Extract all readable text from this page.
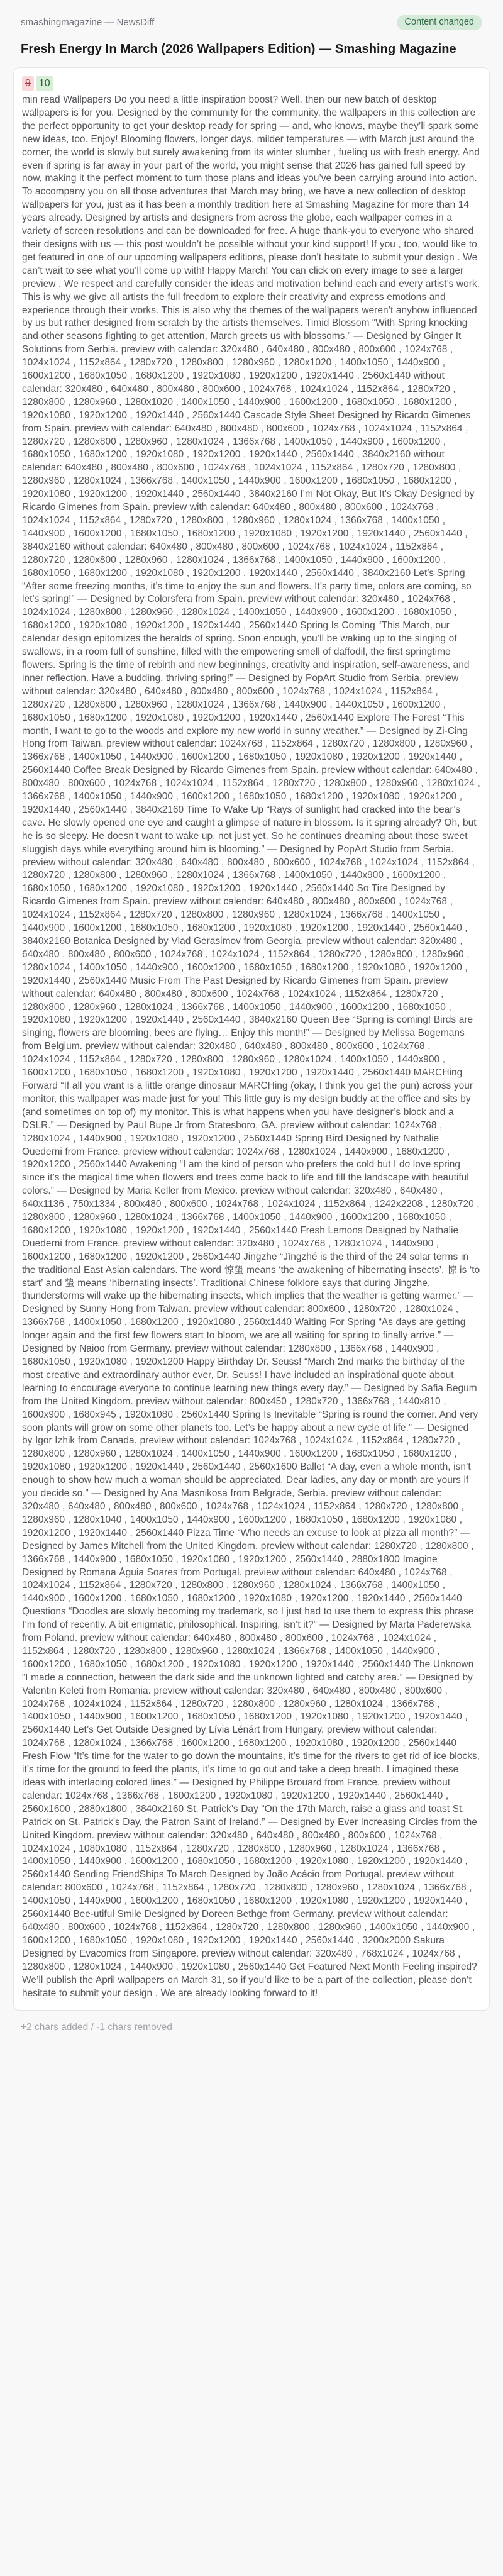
smashingmagazine — NewsDiff	Content changed
Fresh Energy In March (2026 Wallpapers Edition) — Smashing Magazine
9 10

min read Wallpapers Do you need a little inspiration boost? Well, then our new batch of desktop wallpapers is for you. Designed by the community for the community, the wallpapers in this collection are the perfect opportunity to get your desktop ready for spring — and, who knows, maybe they’ll spark some new ideas, too. Enjoy! Blooming flowers, longer days, milder temperatures — with March just around the corner, the world is slowly but surely awakening from its winter slumber , fueling us with fresh energy. And even if spring is far away in your part of the world, you might sense that 2026 has gained full speed by now, making it the perfect moment to turn those plans and ideas you’ve been carrying around into action. To accompany you on all those adventures that March may bring, we have a new collection of desktop wallpapers for you, just as it has been a monthly tradition here at Smashing Magazine for more than 14 years already. Designed by artists and designers from across the globe, each wallpaper comes in a variety of screen resolutions and can be downloaded for free. A huge thank-you to everyone who shared their designs with us — this post wouldn’t be possible without your kind support! If you , too, would like to get featured in one of our upcoming wallpapers editions, please don’t hesitate to submit your design . We can’t wait to see what you’ll come up with! Happy March! You can click on every image to see a larger preview . We respect and carefully consider the ideas and motivation behind each and every artist’s work. This is why we give all artists the full freedom to explore their creativity and express emotions and experience through their works. This is also why the themes of the wallpapers weren’t anyhow influenced by us but rather designed from scratch by the artists themselves. Timid Blossom “With Spring knocking and other seasons fighting to get attention, March greets us with blossoms.” — Designed by Ginger It Solutions from Serbia. preview with calendar: 320x480 , 640x480 , 800x480 , 800x600 , 1024x768 , 1024x1024 , 1152x864 , 1280x720 , 1280x800 , 1280x960 , 1280x1020 , 1400x1050 , 1440x900 , 1600x1200 , 1680x1050 , 1680x1200 , 1920x1080 , 1920x1200 , 1920x1440 , 2560x1440 without calendar: 320x480 , 640x480 , 800x480 , 800x600 , 1024x768 , 1024x1024 , 1152x864 , 1280x720 , 1280x800 , 1280x960 , 1280x1020 , 1400x1050 , 1440x900 , 1600x1200 , 1680x1050 , 1680x1200 , 1920x1080 , 1920x1200 , 1920x1440 , 2560x1440 Cascade Style Sheet Designed by Ricardo Gimenes from Spain. preview with calendar: 640x480 , 800x480 , 800x600 , 1024x768 , 1024x1024 , 1152x864 , 1280x720 , 1280x800 , 1280x960 , 1280x1024 , 1366x768 , 1400x1050 , 1440x900 , 1600x1200 , 1680x1050 , 1680x1200 , 1920x1080 , 1920x1200 , 1920x1440 , 2560x1440 , 3840x2160 without calendar: 640x480 , 800x480 , 800x600 , 1024x768 , 1024x1024 , 1152x864 , 1280x720 , 1280x800 , 1280x960 , 1280x1024 , 1366x768 , 1400x1050 , 1440x900 , 1600x1200 , 1680x1050 , 1680x1200 , 1920x1080 , 1920x1200 , 1920x1440 , 2560x1440 , 3840x2160 I’m Not Okay, But It’s Okay Designed by Ricardo Gimenes from Spain. preview with calendar: 640x480 , 800x480 , 800x600 , 1024x768 , 1024x1024 , 1152x864 , 1280x720 , 1280x800 , 1280x960 , 1280x1024 , 1366x768 , 1400x1050 , 1440x900 , 1600x1200 , 1680x1050 , 1680x1200 , 1920x1080 , 1920x1200 , 1920x1440 , 2560x1440 , 3840x2160 without calendar: 640x480 , 800x480 , 800x600 , 1024x768 , 1024x1024 , 1152x864 , 1280x720 , 1280x800 , 1280x960 , 1280x1024 , 1366x768 , 1400x1050 , 1440x900 , 1600x1200 , 1680x1050 , 1680x1200 , 1920x1080 , 1920x1200 , 1920x1440 , 2560x1440 , 3840x2160 Let’s Spring “After some freezing months, it’s time to enjoy the sun and flowers. It’s party time, colors are coming, so let’s spring!” — Designed by Colorsfera from Spain. preview without calendar: 320x480 , 1024x768 , 1024x1024 , 1280x800 , 1280x960 , 1280x1024 , 1400x1050 , 1440x900 , 1600x1200 , 1680x1050 , 1680x1200 , 1920x1080 , 1920x1200 , 1920x1440 , 2560x1440 Spring Is Coming “This March, our calendar design epitomizes the heralds of spring. Soon enough, you’ll be waking up to the singing of swallows, in a room full of sunshine, filled with the empowering smell of daffodil, the first springtime flowers. Spring is the time of rebirth and new beginnings, creativity and inspiration, self-awareness, and inner reflection. Have a budding, thriving spring!” — Designed by PopArt Studio from Serbia. preview without calendar: 320x480 , 640x480 , 800x480 , 800x600 , 1024x768 , 1024x1024 , 1152x864 , 1280x720 , 1280x800 , 1280x960 , 1280x1024 , 1366x768 , 1440x900 , 1440x1050 , 1600x1200 , 1680x1050 , 1680x1200 , 1920x1080 , 1920x1200 , 1920x1440 , 2560x1440 Explore The Forest “This month, I want to go to the woods and explore my new world in sunny weather.” — Designed by Zi-Cing Hong from Taiwan. preview without calendar: 1024x768 , 1152x864 , 1280x720 , 1280x800 , 1280x960 , 1366x768 , 1400x1050 , 1440x900 , 1600x1200 , 1680x1050 , 1920x1080 , 1920x1200 , 1920x1440 , 2560x1440 Coffee Break Designed by Ricardo Gimenes from Spain. preview without calendar: 640x480 , 800x480 , 800x600 , 1024x768 , 1024x1024 , 1152x864 , 1280x720 , 1280x800 , 1280x960 , 1280x1024 , 1366x768 , 1400x1050 , 1440x900 , 1600x1200 , 1680x1050 , 1680x1200 , 1920x1080 , 1920x1200 , 1920x1440 , 2560x1440 , 3840x2160 Time To Wake Up “Rays of sunlight had cracked into the bear’s cave. He slowly opened one eye and caught a glimpse of nature in blossom. Is it spring already? Oh, but he is so sleepy. He doesn’t want to wake up, not just yet. So he continues dreaming about those sweet sluggish days while everything around him is blooming.” — Designed by PopArt Studio from Serbia. preview without calendar: 320x480 , 640x480 , 800x480 , 800x600 , 1024x768 , 1024x1024 , 1152x864 , 1280x720 , 1280x800 , 1280x960 , 1280x1024 , 1366x768 , 1400x1050 , 1440x900 , 1600x1200 , 1680x1050 , 1680x1200 , 1920x1080 , 1920x1200 , 1920x1440 , 2560x1440 So Tire Designed by Ricardo Gimenes from Spain. preview without calendar: 640x480 , 800x480 , 800x600 , 1024x768 , 1024x1024 , 1152x864 , 1280x720 , 1280x800 , 1280x960 , 1280x1024 , 1366x768 , 1400x1050 , 1440x900 , 1600x1200 , 1680x1050 , 1680x1200 , 1920x1080 , 1920x1200 , 1920x1440 , 2560x1440 , 3840x2160 Botanica Designed by Vlad Gerasimov from Georgia. preview without calendar: 320x480 , 640x480 , 800x480 , 800x600 , 1024x768 , 1024x1024 , 1152x864 , 1280x720 , 1280x800 , 1280x960 , 1280x1024 , 1400x1050 , 1440x900 , 1600x1200 , 1680x1050 , 1680x1200 , 1920x1080 , 1920x1200 , 1920x1440 , 2560x1440 Music From The Past Designed by Ricardo Gimenes from Spain. preview without calendar: 640x480 , 800x480 , 800x600 , 1024x768 , 1024x1024 , 1152x864 , 1280x720 , 1280x800 , 1280x960 , 1280x1024 , 1366x768 , 1400x1050 , 1440x900 , 1600x1200 , 1680x1050 , 1920x1080 , 1920x1200 , 1920x1440 , 2560x1440 , 3840x2160 Queen Bee “Spring is coming! Birds are singing, flowers are blooming, bees are flying… Enjoy this month!” — Designed by Melissa Bogemans from Belgium. preview without calendar: 320x480 , 640x480 , 800x480 , 800x600 , 1024x768 , 1024x1024 , 1152x864 , 1280x720 , 1280x800 , 1280x960 , 1280x1024 , 1400x1050 , 1440x900 , 1600x1200 , 1680x1050 , 1680x1200 , 1920x1080 , 1920x1200 , 1920x1440 , 2560x1440 MARCHing Forward “If all you want is a little orange dinosaur MARCHing (okay, I think you get the pun) across your monitor, this wallpaper was made just for you! This little guy is my design buddy at the office and sits by (and sometimes on top of) my monitor. This is what happens when you have designer’s block and a DSLR.” — Designed by Paul Bupe Jr from Statesboro, GA. preview without calendar: 1024x768 , 1280x1024 , 1440x900 , 1920x1080 , 1920x1200 , 2560x1440 Spring Bird Designed by Nathalie Ouederni from France. preview without calendar: 1024x768 , 1280x1024 , 1440x900 , 1680x1200 , 1920x1200 , 2560x1440 Awakening “I am the kind of person who prefers the cold but I do love spring since it’s the magical time when flowers and trees come back to life and fill the landscape with beautiful colors.” — Designed by Maria Keller from Mexico. preview without calendar: 320x480 , 640x480 , 640x1136 , 750x1334 , 800x480 , 800x600 , 1024x768 , 1024x1024 , 1152x864 , 1242x2208 , 1280x720 , 1280x800 , 1280x960 , 1280x1024 , 1366x768 , 1400x1050 , 1440x900 , 1600x1200 , 1680x1050 , 1680x1200 , 1920x1080 , 1920x1200 , 1920x1440 , 2560x1440 Fresh Lemons Designed by Nathalie Ouederni from France. preview without calendar: 320x480 , 1024x768 , 1280x1024 , 1440x900 , 1600x1200 , 1680x1200 , 1920x1200 , 2560x1440 Jingzhe “Jīngzhé is the third of the 24 solar terms in the traditional East Asian calendars. The word 惊蛰 means ‘the awakening of hibernating insects’. 惊 is ‘to start’ and 蛰 means ‘hibernating insects’. Traditional Chinese folklore says that during Jingzhe, thunderstorms will wake up the hibernating insects, which implies that the weather is getting warmer.” — Designed by Sunny Hong from Taiwan. preview without calendar: 800x600 , 1280x720 , 1280x1024 , 1366x768 , 1400x1050 , 1680x1200 , 1920x1080 , 2560x1440 Waiting For Spring “As days are getting longer again and the first few flowers start to bloom, we are all waiting for spring to finally arrive.” — Designed by Naioo from Germany. preview without calendar: 1280x800 , 1366x768 , 1440x900 , 1680x1050 , 1920x1080 , 1920x1200 Happy Birthday Dr. Seuss! “March 2nd marks the birthday of the most creative and extraordinary author ever, Dr. Seuss! I have included an inspirational quote about learning to encourage everyone to continue learning new things every day.” — Designed by Safia Begum from the United Kingdom. preview without calendar: 800x450 , 1280x720 , 1366x768 , 1440x810 , 1600x900 , 1680x945 , 1920x1080 , 2560x1440 Spring Is Inevitable “Spring is round the corner. And very soon plants will grow on some other planets too. Let’s be happy about a new cycle of life.” — Designed by Igor Izhik from Canada. preview without calendar: 1024x768 , 1024x1024 , 1152x864 , 1280x720 , 1280x800 , 1280x960 , 1280x1024 , 1400x1050 , 1440x900 , 1600x1200 , 1680x1050 , 1680x1200 , 1920x1080 , 1920x1200 , 1920x1440 , 2560x1440 , 2560x1600 Ballet “A day, even a whole month, isn’t enough to show how much a woman should be appreciated. Dear ladies, any day or month are yours if you decide so.” — Designed by Ana Masnikosa from Belgrade, Serbia. preview without calendar: 320x480 , 640x480 , 800x480 , 800x600 , 1024x768 , 1024x1024 , 1152x864 , 1280x720 , 1280x800 , 1280x960 , 1280x1040 , 1400x1050 , 1440x900 , 1600x1200 , 1680x1050 , 1680x1200 , 1920x1080 , 1920x1200 , 1920x1440 , 2560x1440 Pizza Time “Who needs an excuse to look at pizza all month?” — Designed by James Mitchell from the United Kingdom. preview without calendar: 1280x720 , 1280x800 , 1366x768 , 1440x900 , 1680x1050 , 1920x1080 , 1920x1200 , 2560x1440 , 2880x1800 Imagine Designed by Romana Águia Soares from Portugal. preview without calendar: 640x480 , 1024x768 , 1024x1024 , 1152x864 , 1280x720 , 1280x800 , 1280x960 , 1280x1024 , 1366x768 , 1400x1050 , 1440x900 , 1600x1200 , 1680x1050 , 1680x1200 , 1920x1080 , 1920x1200 , 1920x1440 , 2560x1440 Questions “Doodles are slowly becoming my trademark, so I just had to use them to express this phrase I’m fond of recently. A bit enigmatic, philosophical. Inspiring, isn’t it?” — Designed by Marta Paderewska from Poland. preview without calendar: 640x480 , 800x480 , 800x600 , 1024x768 , 1024x1024 , 1152x864 , 1280x720 , 1280x800 , 1280x960 , 1280x1024 , 1366x768 , 1400x1050 , 1440x900 , 1600x1200 , 1680x1050 , 1680x1200 , 1920x1080 , 1920x1200 , 1920x1440 , 2560x1440 The Unknown “I made a connection, between the dark side and the unknown lighted and catchy area.” — Designed by Valentin Keleti from Romania. preview without calendar: 320x480 , 640x480 , 800x480 , 800x600 , 1024x768 , 1024x1024 , 1152x864 , 1280x720 , 1280x800 , 1280x960 , 1280x1024 , 1366x768 , 1400x1050 , 1440x900 , 1600x1200 , 1680x1050 , 1680x1200 , 1920x1080 , 1920x1200 , 1920x1440 , 2560x1440 Let’s Get Outside Designed by Lívia Lénárt from Hungary. preview without calendar: 1024x768 , 1280x1024 , 1366x768 , 1600x1200 , 1680x1200 , 1920x1080 , 1920x1200 , 2560x1440 Fresh Flow “It’s time for the water to go down the mountains, it’s time for the rivers to get rid of ice blocks, it’s time for the ground to feed the plants, it’s time to go out and take a deep breath. I imagined these ideas with interlacing colored lines.” — Designed by Philippe Brouard from France. preview without calendar: 1024x768 , 1366x768 , 1600x1200 , 1920x1080 , 1920x1200 , 1920x1440 , 2560x1440 , 2560x1600 , 2880x1800 , 3840x2160 St. Patrick’s Day “On the 17th March, raise a glass and toast St. Patrick on St. Patrick’s Day, the Patron Saint of Ireland.” — Designed by Ever Increasing Circles from the United Kingdom. preview without calendar: 320x480 , 640x480 , 800x480 , 800x600 , 1024x768 , 1024x1024 , 1080x1080 , 1152x864 , 1280x720 , 1280x800 , 1280x960 , 1280x1024 , 1366x768 , 1400x1050 , 1440x900 , 1600x1200 , 1680x1050 , 1680x1200 , 1920x1080 , 1920x1200 , 1920x1440 , 2560x1440 Sending FriendShips To March Designed by João Acácio from Portugal. preview without calendar: 800x600 , 1024x768 , 1152x864 , 1280x720 , 1280x800 , 1280x960 , 1280x1024 , 1366x768 , 1400x1050 , 1440x900 , 1600x1200 , 1680x1050 , 1680x1200 , 1920x1080 , 1920x1200 , 1920x1440 , 2560x1440 Bee-utiful Smile Designed by Doreen Bethge from Germany. preview without calendar: 640x480 , 800x600 , 1024x768 , 1152x864 , 1280x720 , 1280x800 , 1280x960 , 1400x1050 , 1440x900 , 1600x1200 , 1680x1050 , 1920x1080 , 1920x1200 , 1920x1440 , 2560x1440 , 3200x2000 Sakura Designed by Evacomics from Singapore. preview without calendar: 320x480 , 768x1024 , 1024x768 , 1280x800 , 1280x1024 , 1440x900 , 1920x1080 , 2560x1440 Get Featured Next Month Feeling inspired? We’ll publish the April wallpapers on March 31, so if you’d like to be a part of the collection, please don’t hesitate to submit your design . We are already looking forward to it!

+2 chars added / -1 chars removed
